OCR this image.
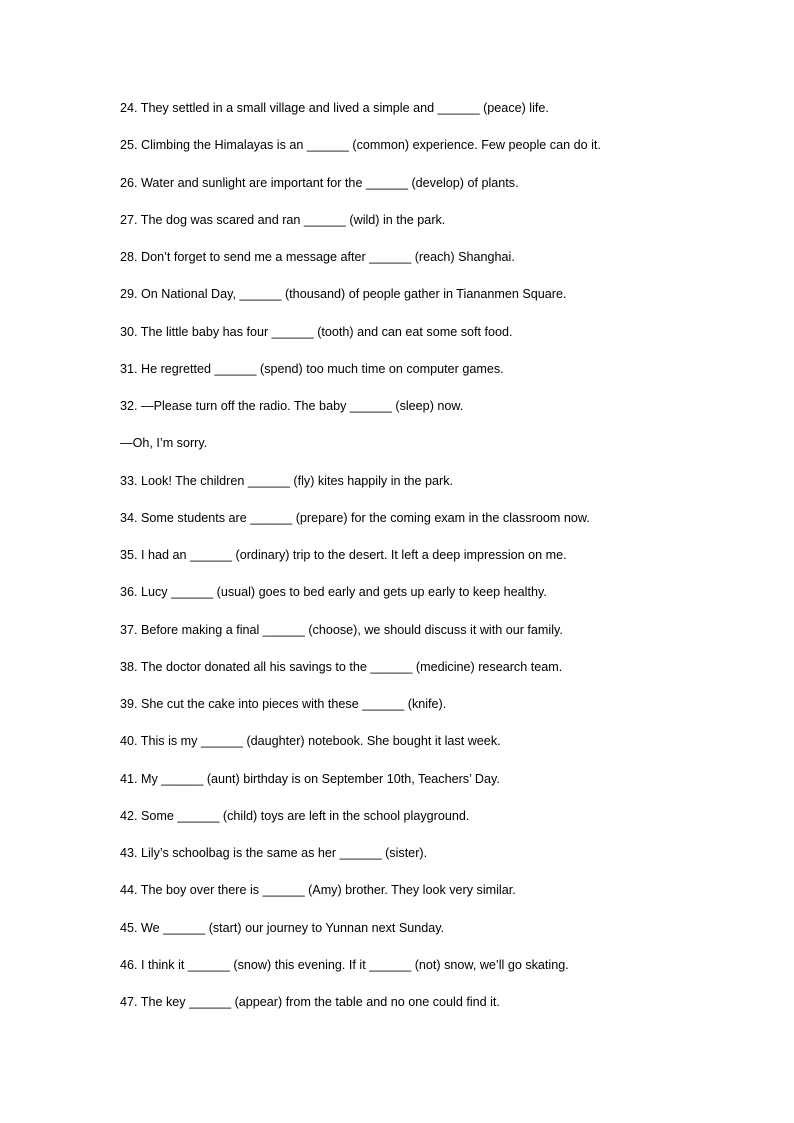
24. They settled in a small village and lived a simple and ______ (peace) life.
25. Climbing the Himalayas is an ______ (common) experience. Few people can do it.
26. Water and sunlight are important for the ______ (develop) of plants.
27. The dog was scared and ran ______ (wild) in the park.
28. Don’t forget to send me a message after ______ (reach) Shanghai.
29. On National Day, ______ (thousand) of people gather in Tiananmen Square.
30. The little baby has four ______ (tooth) and can eat some soft food.
31. He regretted ______ (spend) too much time on computer games.
32. —Please turn off the radio. The baby ______ (sleep) now.
—Oh, I’m sorry.
33. Look! The children ______ (fly) kites happily in the park.
34. Some students are ______ (prepare) for the coming exam in the classroom now.
35. I had an ______ (ordinary) trip to the desert. It left a deep impression on me.
36. Lucy ______ (usual) goes to bed early and gets up early to keep healthy.
37. Before making a final ______ (choose), we should discuss it with our family.
38. The doctor donated all his savings to the ______ (medicine) research team.
39. She cut the cake into pieces with these ______ (knife).
40. This is my ______ (daughter) notebook. She bought it last week.
41. My ______ (aunt) birthday is on September 10th, Teachers’ Day.
42. Some ______ (child) toys are left in the school playground.
43. Lily’s schoolbag is the same as her ______ (sister).
44. The boy over there is ______ (Amy) brother. They look very similar.
45. We ______ (start) our journey to Yunnan next Sunday.
46. I think it ______ (snow) this evening. If it ______ (not) snow, we’ll go skating.
47. The key ______ (appear) from the table and no one could find it.
